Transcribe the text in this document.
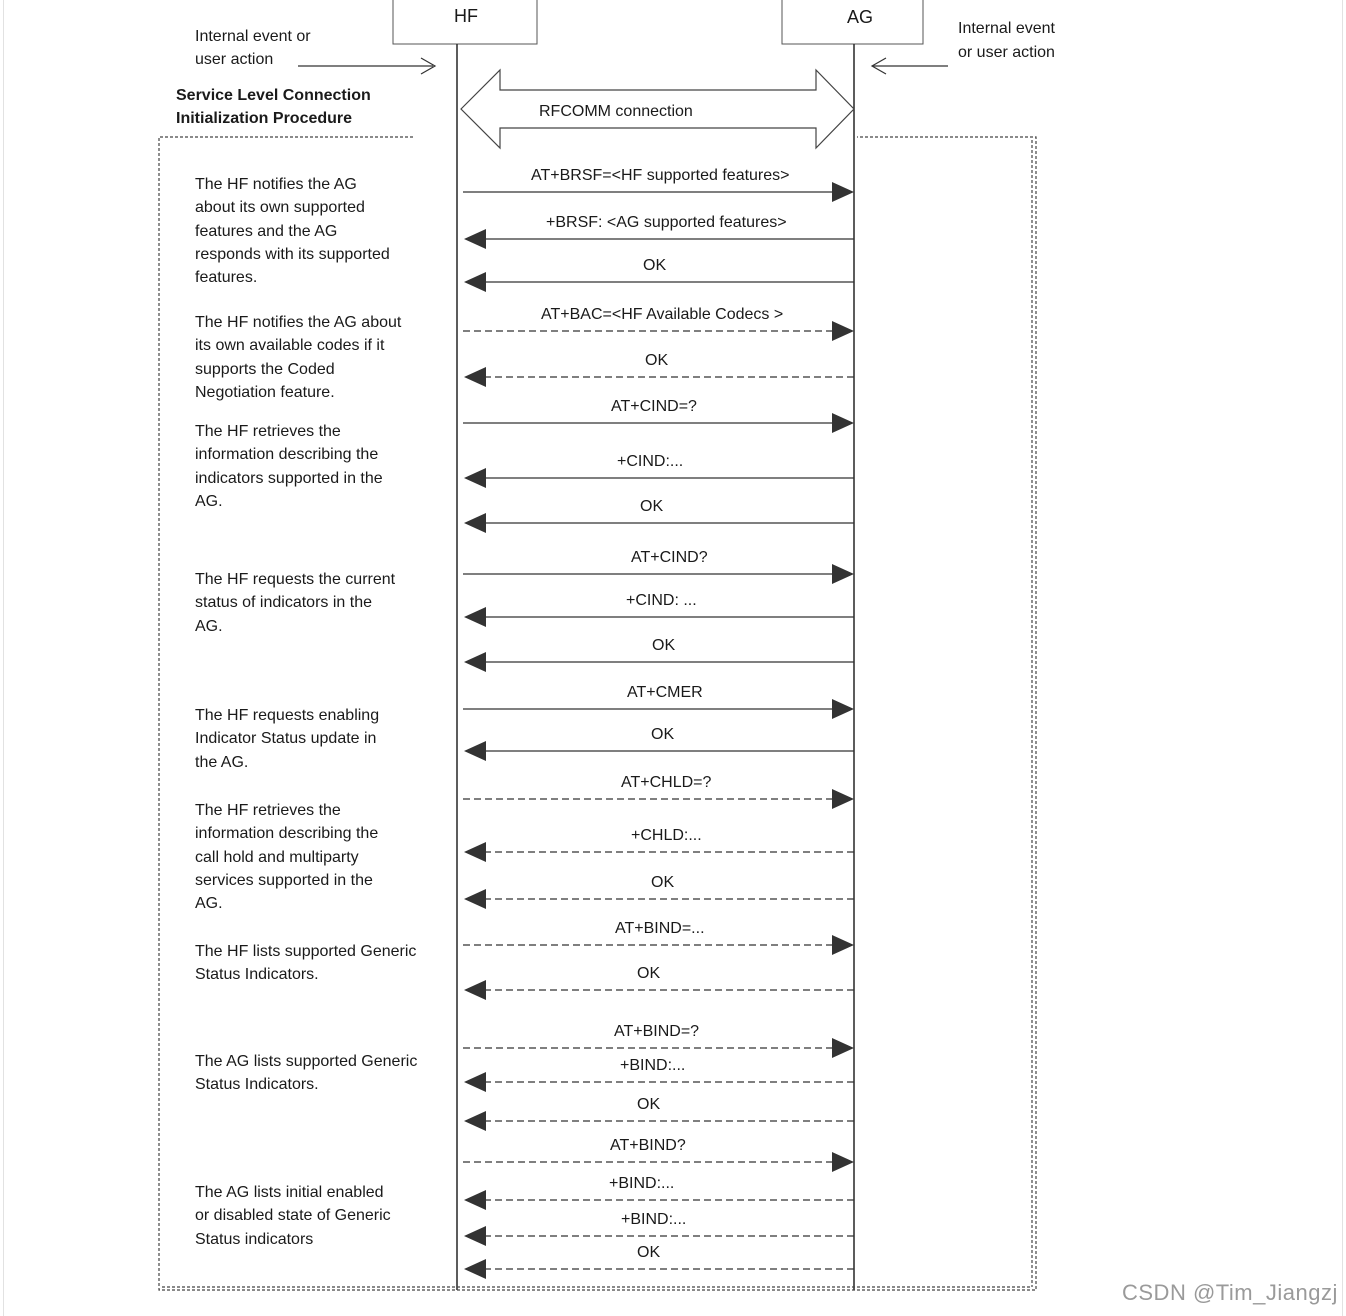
HF	AG
Internal event or
user action
Internal event
or user action
Service Level Connection
Initialization Procedure	RFCOMM connection
The HF notifies the AG
about its own supported
features and the AG
responds with its supported
features.
The HF notifies the AG about
its own available codes if it
supports the Coded
Negotiation feature.
The HF retrieves the
information describing the
indicators supported in the
AG.
The HF requests the current
status of indicators in the
AG.
The HF requests enabling
Indicator Status update in
the AG.
The HF retrieves the
information describing the
call hold and multiparty
services supported in the
AG.
The HF lists supported Generic
Status Indicators.
The AG lists supported Generic
Status Indicators.
The AG lists initial enabled
or disabled state of Generic
Status indicators
AT+BRSF=<HF supported features>
+BRSF: <AG supported features>
OK
AT+BAC=<HF Available Codecs >
OK
AT+CIND=?
+CIND:...
OK
AT+CIND?
+CIND: ...
OK
AT+CMER
OK
AT+CHLD=?
+CHLD:...
OK
AT+BIND=...
OK
AT+BIND=?
+BIND:...
OK
AT+BIND?
+BIND:...
+BIND:...
OK
CSDN @Tim_Jiangzj
